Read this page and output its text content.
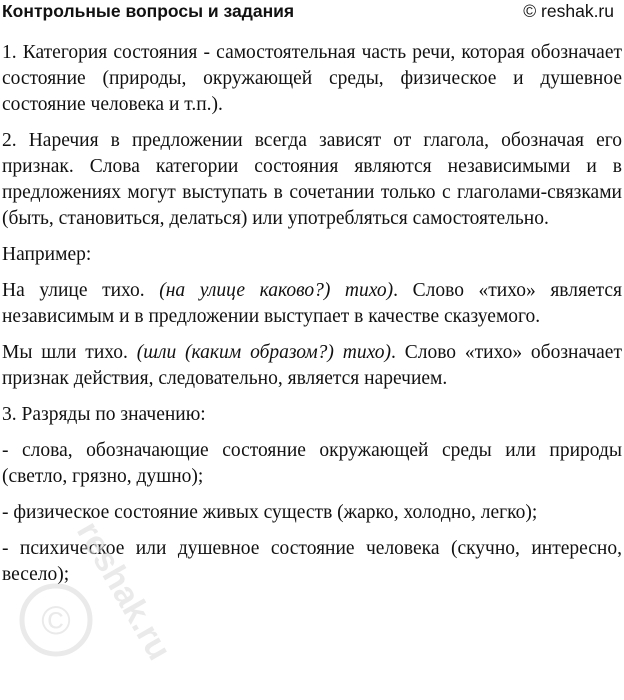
Контрольные вопросы и задания	© reshak.ru

1. Категория состояния - самостоятельная часть речи, которая обозначает состояние (природы, окружающей среды, физическое и душевное состояние человека и т.п.).

2. Наречия в предложении всегда зависят от глагола, обозначая его признак. Слова категории состояния являются независимыми и в предложениях могут выступать в сочетании только с глаголами-связками (быть, становиться, делаться) или употребляться самостоятельно.

Например:

На улице тихо. (на улице каково?) тихо). Слово «тихо» является независимым и в предложении выступает в качестве сказуемого.

Мы шли тихо. (шли (каким образом?) тихо). Слово «тихо» обозначает признак действия, следовательно, является наречием.

3. Разряды по значению:

- слова, обозначающие состояние окружающей среды или природы (светло, грязно, душно);

- физическое состояние живых существ (жарко, холодно, легко);

- психическое или душевное состояние человека (скучно, интересно, весело);

©
reshak.ru
